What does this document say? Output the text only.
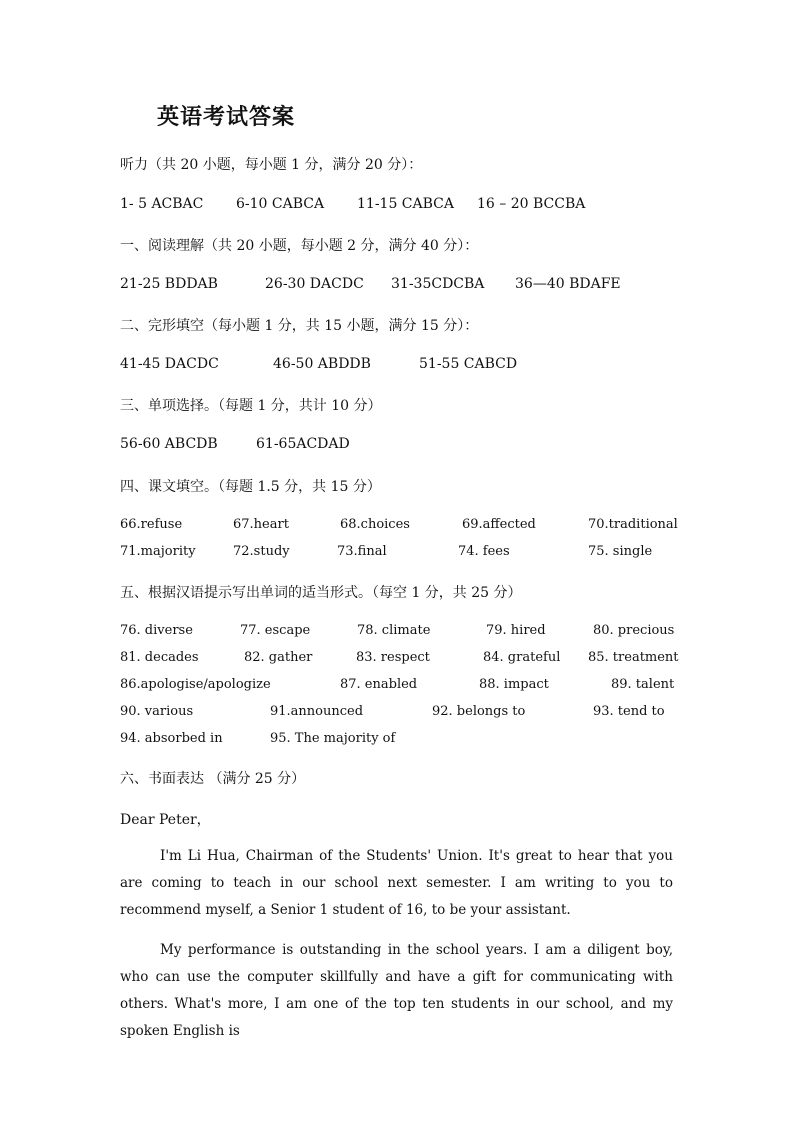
英语考试答案
听力（共 20 小题，每小题 1 分，满分 20 分）：
1- 5 ACBAC 6-10 CABCA 11-15 CABCA 16 – 20 BCCBA
一、阅读理解（共 20 小题，每小题 2 分，满分 40 分）：
21-25 BDDAB	26-30 DACDC 31-35CDCBA 36—40 BDAFE
二、完形填空（每小题 1 分，共 15 小题，满分 15 分）：
41-45 DACDC	46-50 ABDDB	51-55 CABCD
三、单项选择。（每题 1 分，共计 10 分）
56-60 ABCDB	61-65ACDAD
四、课文填空。（每题 1.5 分，共 15 分）
66.refuse	67.heart	68.choices	69.affected	70.traditional
71.majority	72.study	73.final	74. fees	75. single
五、根据汉语提示写出单词的适当形式。（每空 1 分，共 25 分）
76. diverse	77. escape	78. climate	79. hired	80. precious
81. decades	82. gather	83. respect	84. grateful 85. treatment
86.apologise/apologize	87. enabled	88. impact	89. talent
90. various	91.announced	92. belongs to	93. tend to
94. absorbed in	95. The majority of
六、书面表达 （满分 25 分）
Dear Peter，
I'm Li Hua, Chairman of the Students' Union. It's great to hear that you are coming to teach in our school next semester. I am writing to you to recommend myself, a Senior 1 student of 16, to be your assistant.
My performance is outstanding in the school years. I am a diligent boy, who can use the computer skillfully and have a gift for communicating with others. What's more, I am one of the top ten students in our school, and my spoken English is
